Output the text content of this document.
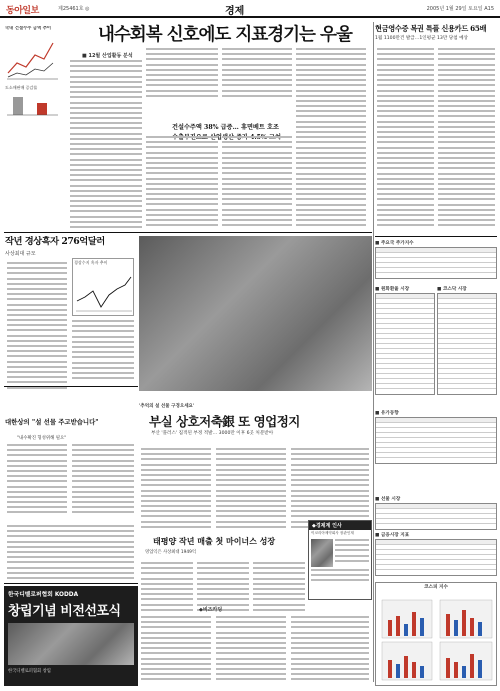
동아일보	제25461호 ◎	경제	2005년 1월 29일 토요일 A15
국내 건설수주 금액 추이
도소매판매 증감률
내수회복 신호에도 지표경기는 우울
■ 12월 산업활동 분석
건설수주액 38% 급증… 휴면베트 호조
현금영수증 복권 특플 신용카드 65배
1월 1100만건 발급…1인평균 13만 당첨 예상
작년 경상흑자 276억달러
사상최대 규모
경상수지 흑자 추이
'추억의 설 선물 구경오세요'
부실 상호저축銀 또 영업정지
부산 '플러스' 집적된 부정 적발… 3000만 이후 6곳 처분받아
대한상의 "설 선물 주고받습니다"
"내수확진 형성위해 필요"
한국디벨로퍼협회 KODDA
창립기념 비전선포식
한국디벨로퍼협회 창립
태평양 작년 매출 첫 마이너스 성장
영업익은 사상최대 1949억
◆경제계 인사
이코리아제약회사 장관인재
◆비즈카딩
■ 주요국 주가지수
■ 원화환율 시장	■ 코스닥 시장
■ 유가동향
■ 선물 시장
■ 금융시장 지표
코스피 지수
